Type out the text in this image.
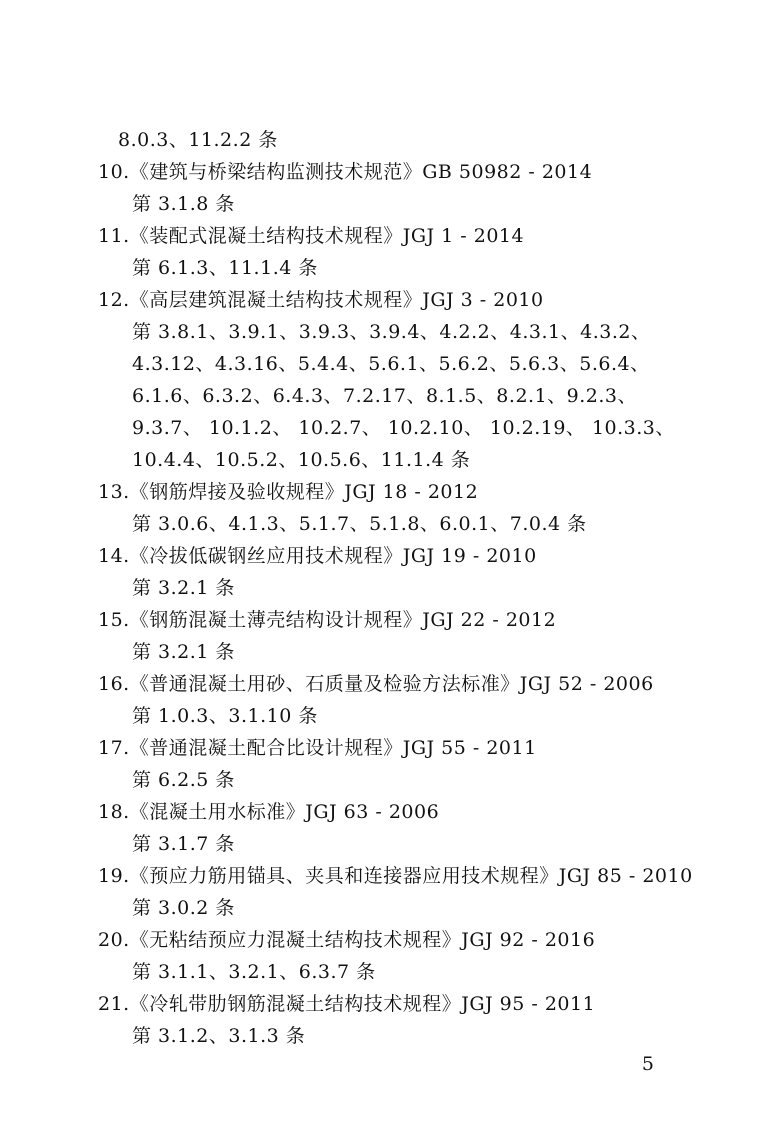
8.0.3、11.2.2 条
10.《建筑与桥梁结构监测技术规范》GB 50982 - 2014
第 3.1.8 条
11.《装配式混凝土结构技术规程》JGJ 1 - 2014
第 6.1.3、11.1.4 条
12.《高层建筑混凝土结构技术规程》JGJ 3 - 2010
第 3.8.1、3.9.1、3.9.3、3.9.4、4.2.2、4.3.1、4.3.2、
4.3.12、4.3.16、5.4.4、5.6.1、5.6.2、5.6.3、5.6.4、
6.1.6、6.3.2、6.4.3、7.2.17、8.1.5、8.2.1、9.2.3、
9.3.7、 10.1.2、 10.2.7、 10.2.10、 10.2.19、 10.3.3、
10.4.4、10.5.2、10.5.6、11.1.4 条
13.《钢筋焊接及验收规程》JGJ 18 - 2012
第 3.0.6、4.1.3、5.1.7、5.1.8、6.0.1、7.0.4 条
14.《冷拔低碳钢丝应用技术规程》JGJ 19 - 2010
第 3.2.1 条
15.《钢筋混凝土薄壳结构设计规程》JGJ 22 - 2012
第 3.2.1 条
16.《普通混凝土用砂、石质量及检验方法标准》JGJ 52 - 2006
第 1.0.3、3.1.10 条
17.《普通混凝土配合比设计规程》JGJ 55 - 2011
第 6.2.5 条
18.《混凝土用水标准》JGJ 63 - 2006
第 3.1.7 条
19.《预应力筋用锚具、夹具和连接器应用技术规程》JGJ 85 - 2010
第 3.0.2 条
20.《无粘结预应力混凝土结构技术规程》JGJ 92 - 2016
第 3.1.1、3.2.1、6.3.7 条
21.《冷轧带肋钢筋混凝土结构技术规程》JGJ 95 - 2011
第 3.1.2、3.1.3 条
5
